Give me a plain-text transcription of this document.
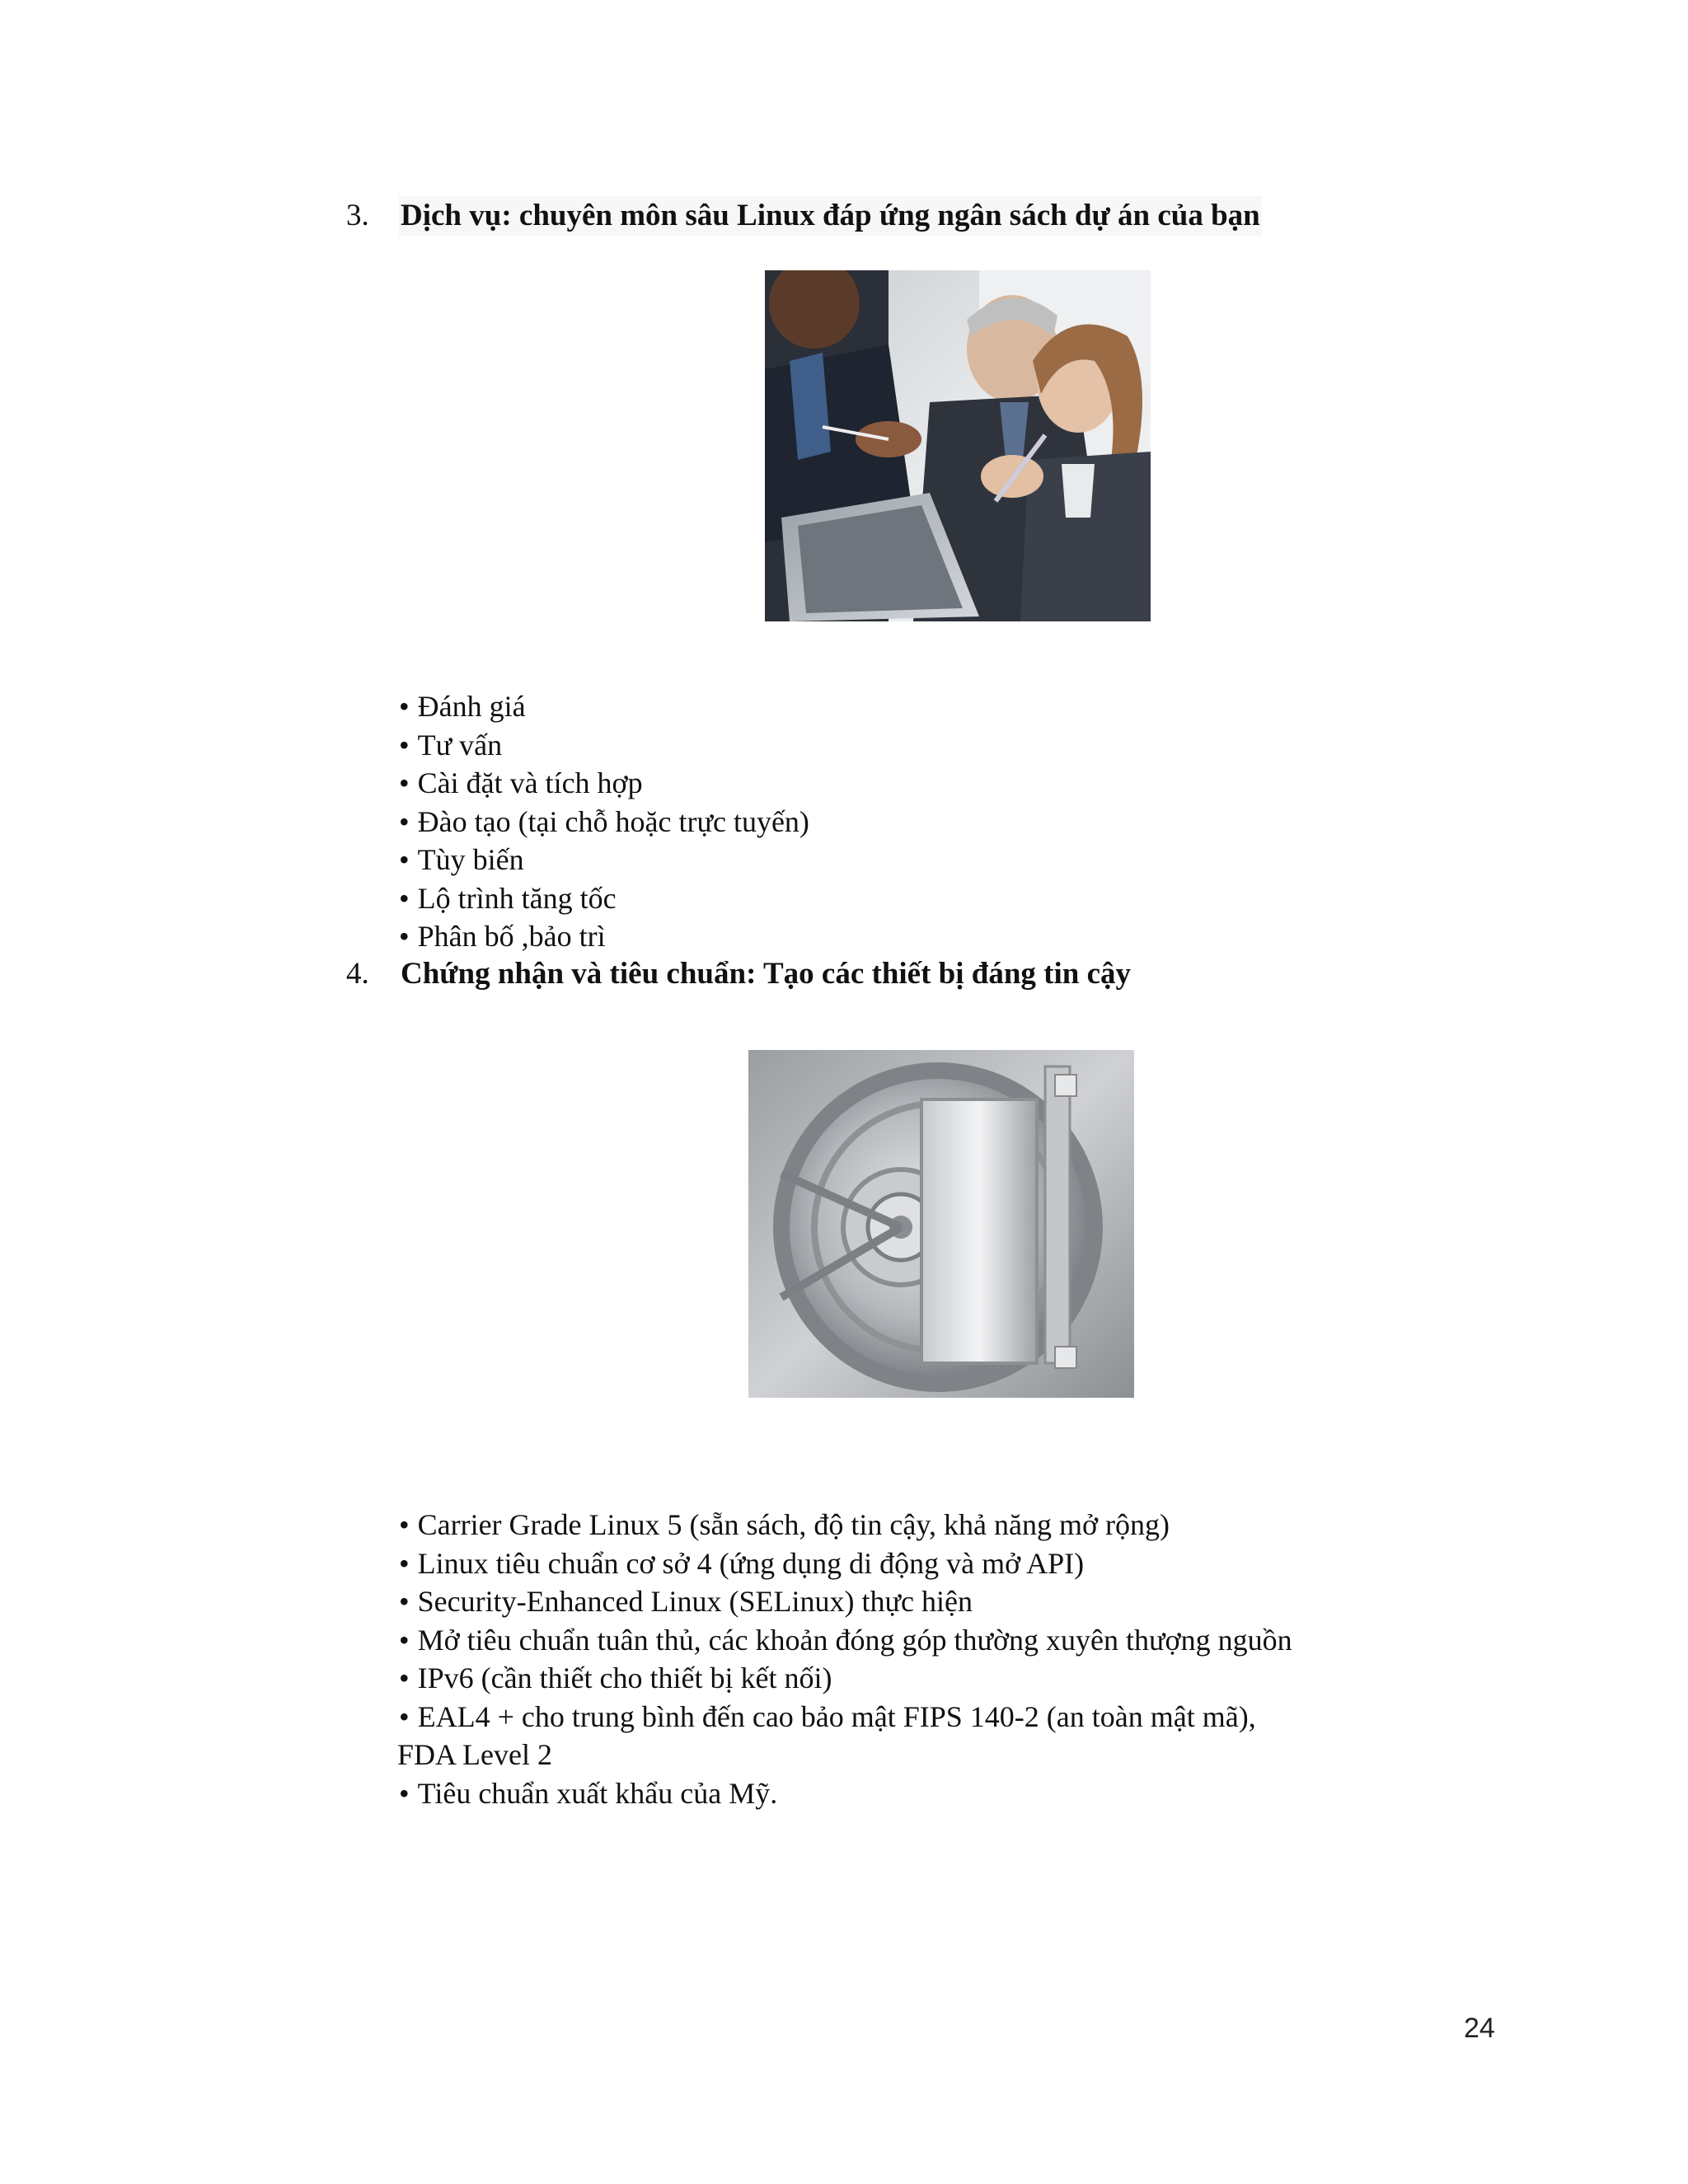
3. Dịch vụ: chuyên môn sâu Linux đáp ứng ngân sách dự án của bạn
• Đánh giá
• Tư vấn
• Cài đặt và tích hợp
• Đào tạo (tại chỗ hoặc trực tuyến)
• Tùy biến
• Lộ trình tăng tốc
• Phân bố ,bảo trì
4. Chứng nhận và tiêu chuẩn: Tạo các thiết bị đáng tin cậy
• Carrier Grade Linux 5 (sẵn sách, độ tin cậy, khả năng mở rộng)
• Linux tiêu chuẩn cơ sở 4 (ứng dụng di động và mở API)
• Security-Enhanced Linux (SELinux) thực hiện
• Mở tiêu chuẩn tuân thủ, các khoản đóng góp thường xuyên thượng nguồn
• IPv6 (cần thiết cho thiết bị kết nối)
• EAL4 + cho trung bình đến cao bảo mật FIPS 140-2 (an toàn mật mã),
FDA Level 2
• Tiêu chuẩn xuất khẩu của Mỹ.
24
